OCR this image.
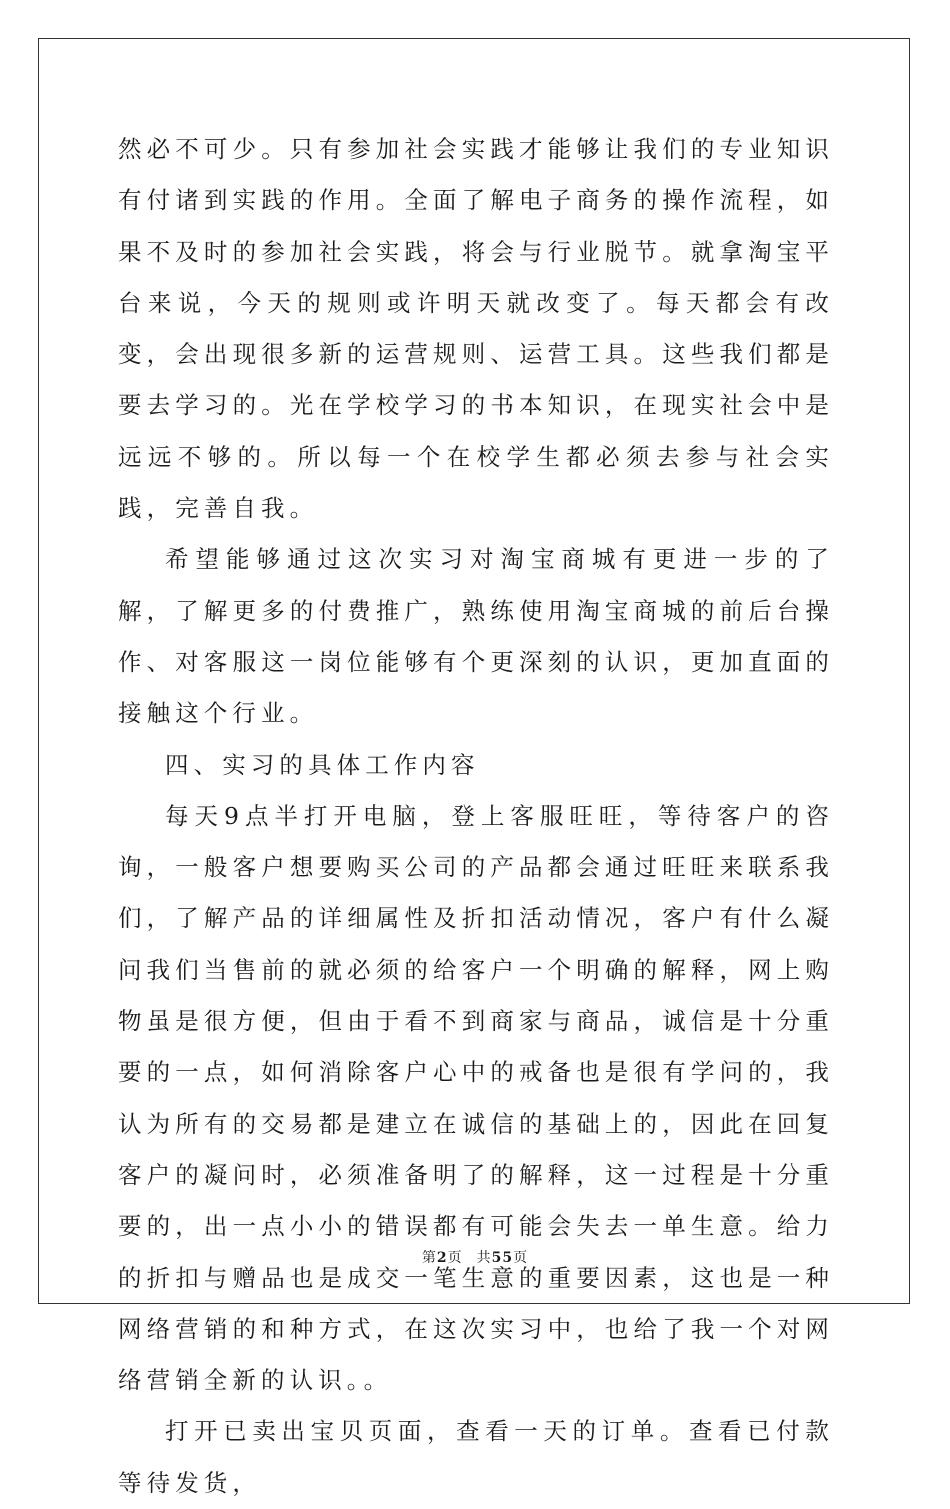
然必不可少。只有参加社会实践才能够让我们的专业知识有付诸到实践的作用。全面了解电子商务的操作流程，如果不及时的参加社会实践，将会与行业脱节。就拿淘宝平台来说，今天的规则或许明天就改变了。每天都会有改变，会出现很多新的运营规则、运营工具。这些我们都是要去学习的。光在学校学习的书本知识，在现实社会中是远远不够的。所以每一个在校学生都必须去参与社会实践，完善自我。

希望能够通过这次实习对淘宝商城有更进一步的了解，了解更多的付费推广，熟练使用淘宝商城的前后台操作、对客服这一岗位能够有个更深刻的认识，更加直面的接触这个行业。

四、实习的具体工作内容

每天9点半打开电脑，登上客服旺旺，等待客户的咨询，一般客户想要购买公司的产品都会通过旺旺来联系我们，了解产品的详细属性及折扣活动情况，客户有什么凝问我们当售前的就必须的给客户一个明确的解释，网上购物虽是很方便，但由于看不到商家与商品，诚信是十分重要的一点，如何消除客户心中的戒备也是很有学问的，我认为所有的交易都是建立在诚信的基础上的，因此在回复客户的凝问时，必须准备明了的解释，这一过程是十分重要的，出一点小小的错误都有可能会失去一单生意。给力的折扣与赠品也是成交一笔生意的重要因素，这也是一种网络营销的和种方式，在这次实习中，也给了我一个对网络营销全新的认识。。

打开已卖出宝贝页面，查看一天的订单。查看已付款等待发货，

第2页 共55页
